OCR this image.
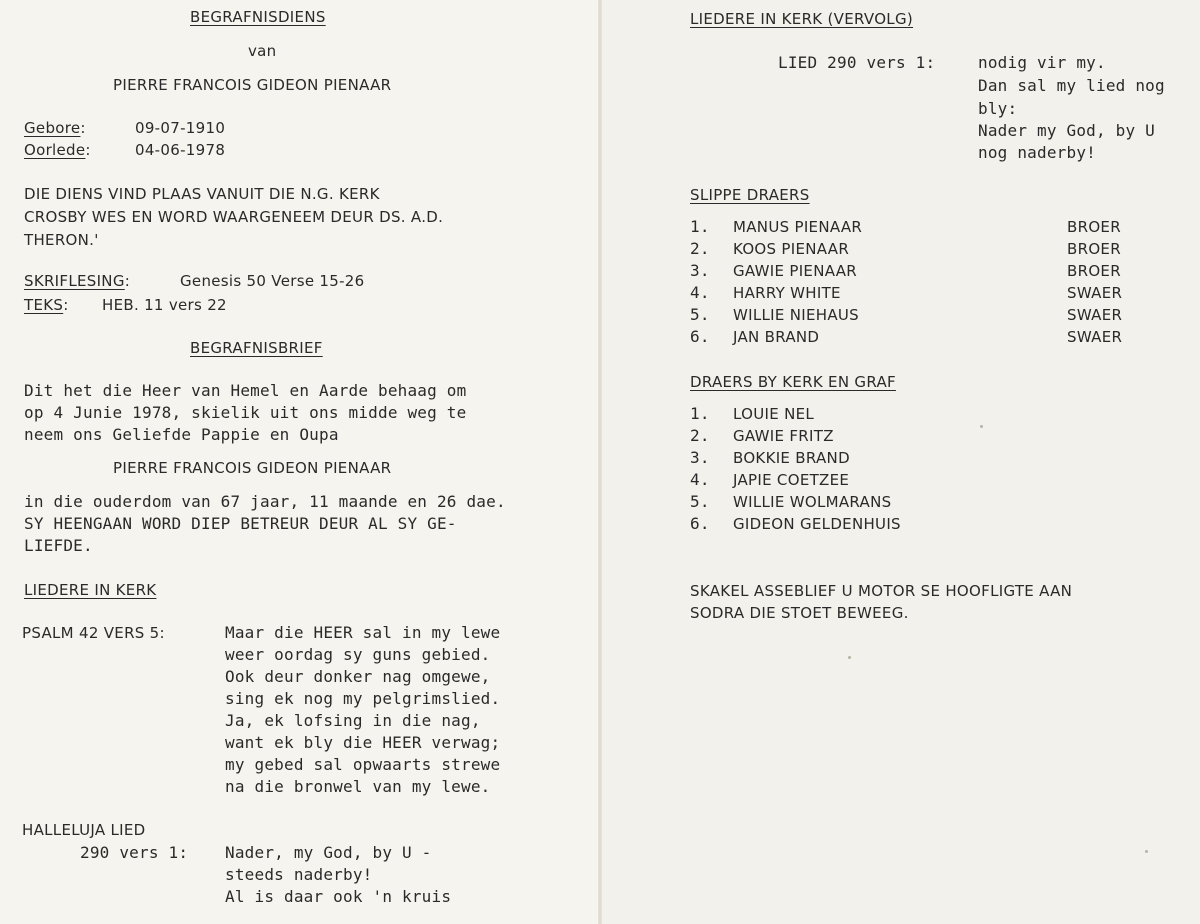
BEGRAFNISDIENS
van
PIERRE FRANCOIS GIDEON PIENAAR
Gebore:	09-07-1910
Oorlede:	04-06-1978
DIE DIENS VIND PLAAS VANUIT DIE N.G. KERK
CROSBY WES EN WORD WAARGENEEM DEUR DS. A.D.
THERON.'
SKRIFLESING:	Genesis 50 Verse 15-26
TEKS: HEB. 11 vers 22
BEGRAFNISBRIEF
Dit het die Heer van Hemel en Aarde behaag om
op 4 Junie 1978, skielik uit ons midde weg te
neem ons Geliefde Pappie en Oupa
PIERRE FRANCOIS GIDEON PIENAAR
in die ouderdom van 67 jaar, 11 maande en 26 dae.
SY HEENGAAN WORD DIEP BETREUR DEUR AL SY GE-
LIEFDE.
LIEDERE IN KERK
PSALM 42 VERS 5:	Maar die HEER sal in my lewe
weer oordag sy guns gebied.
Ook deur donker nag omgewe,
sing ek nog my pelgrimslied.
Ja, ek lofsing in die nag,
want ek bly die HEER verwag;
my gebed sal opwaarts strewe
na die bronwel van my lewe.
HALLELUJA LIED
290 vers 1: Nader, my God, by U -
steeds naderby!
Al is daar ook 'n kruis
LIEDERE IN KERK (VERVOLG)
LIED 290 vers 1:	nodig vir my.
Dan sal my lied nog
bly:
Nader my God, by U
nog naderby!
SLIPPE DRAERS
1. MANUS PIENAAR	BROER
2. KOOS PIENAAR	BROER
3. GAWIE PIENAAR	BROER
4. HARRY WHITE	SWAER
5. WILLIE NIEHAUS	SWAER
6. JAN BRAND	SWAER
DRAERS BY KERK EN GRAF
1. LOUIE NEL
2. GAWIE FRITZ
3. BOKKIE BRAND
4. JAPIE COETZEE
5. WILLIE WOLMARANS
6. GIDEON GELDENHUIS
SKAKEL ASSEBLIEF U MOTOR SE HOOFLIGTE AAN
SODRA DIE STOET BEWEEG.
